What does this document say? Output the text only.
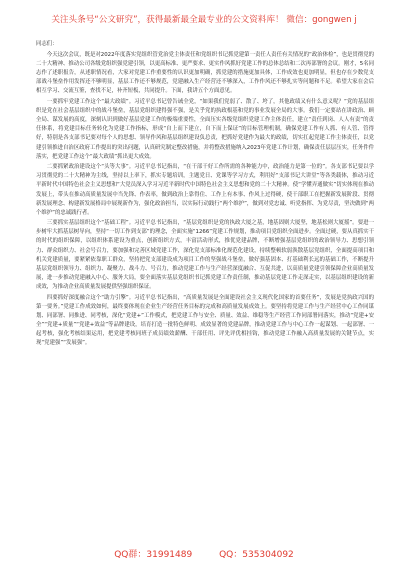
关注头条号“公文研究”，获得最新最全最专业的公文资料库！ 微信：gongwen j

同志们：

今天这次会议，既是对2022年度落实党组织管党治党主体责任和党组织书记抓党建第一责任人责任有关情况的“政治体检”，也是贯彻党的二十大精神、推动公司各级党组织强党建引领，以更高标准、更严要求、更实作风抓好党建工作的总体总结和二次再部署的会议。刚才，5名同志作了述职报告，从述职情况看，大家对党建工作重要性的认识更加明确，抓党建的措施更加具体，工作成效也更加明显，但也存在少数党支部战斗堡垒作用发挥还不够明显，基层工作还不够规范，党建融入生产经营还不够深入，工作作风还不够扎实等问题和不足。希望大家在会后相互学习、交流互鉴，查找不足，补齐短板，共同提升。下面，我讲五个方面意见。

一要抓牢党建工作这个“最大政绩”。习近平总书记曾告诫全党，“如果我们党弱了、散了、垮了，其他政绩又有什么意义呢？”党的基层组织是党在社会基层组织中的战斗堡垒，基层党组织建得强不强，是关乎党的执政根基和党的事业发展全局的大事。我们一定要站在讲政治、顾全局、谋发展的高度，深刻认识到做好基层党建工作的极端重要性，全面压实各级党组织党建工作主体责任，建立“责任到岗、人人有责”的责任体系，将党建目标任务转化为党建工作指标，形成“自上而下建立，自下而上保证”的目标管理机制，确保党建工作有人抓、有人管、管得好，特别是各支部书记要对每个人的思想、领导作风和基层组织建设负总责，把抓好党建作为最大的政绩，切实扛起党建工作主体责任，以党建引领推进自治区政府工作提出的突出问题，认真研究制定整改措施，并将整改措施纳入2023年党建工作计划，确保责任层层压实，任务件件落实，把党建工作这个“最大政绩”抓出更大成效。

二要抓紧政治建设这个“头等大事”。习近平总书记指出，“在干部干好工作所需的各种能力中，政治能力是第一位的”。各支部书记要以学习贯彻党的二十大精神为主线，坚持以上率下，抓实专题培训，主题党日、党课等学习方式，利用好“支部书记大讲堂”等各类载体，推动习近平新时代中国特色社会主义思想和“大党员深入学习习近平新时代中国特色社会主义思想和党的二十大精神。使“学懂弄通做实”切实体现在推动发展上，带头在推动高质量发展中当先锋、作表率，做到政治上靠得住、工作上有本事、作风上过得硬，使干部职工在把握新发展阶段、贯彻新发展理念、构建新发展格局中展现新作为，强化政治担当，以实际行动践行“两个维护”，做到对党忠诚、听党指挥、为党尽责，坚决做到“两个维护”的忠诚践行者。

三要抓实基层组织这个“基础工程”。习近平总书记指出，“基层党组织是党的执政大厦之基，地基固则大厦坚，地基松则大厦摇”。要进一步树牢大抓基层树导向，坚持“一切工作到支部”的理念，全面实施“1266”党建工作规划，推动项目党组织全面进步。全面过硬，要从真抓实干的时代的组织保障，以组织体系建设为重点，创新组织方式，丰富活动形式，推优党建品牌，不断增强基层党组织的政治领导力、思想引领力、群众组织力、社会号召力，要加强和完善区域党建工作，深化党支部标准化规范化建设，持续整顿软弱涣散基层党组织，全面提高项目和机关党建质量，要紧紧依靠职工群众，坚持把党支部建设成为项目工作的坚强战斗堡垒，做好强基固本、打基础利长远的基础工作，不断提升基层党组织领导力、组织力、凝聚力、战斗力、号召力，推动党建工作与生产经营深度融合、互促共进，以高质量党建引领保障企业高质量发展，进一步推动党建融入中心、服务大局，要全面落实基层党组织书记抓党建工作责任制，推动基层党建工作走深走实，以基层组织建设的新成效，为推动企业高质量发展提供坚强组织保证。

四要抓好深度融合这个“助力引擎”。习近平总书记指出，“高质量发展是全面建设社会主义现代化国家的首要任务”，发展是党执政兴国的第一要务。”党建工作成效如何，最终要体现在企业生产经营任务目标的完成和高质量发展成效上。要坚持将党建工作与生产经营中心工作同谋划、同部署、同推进、同考核，深化“党建+”工作模式，把党建工作与安全、质量、效益、维稳等生产经营工作同部署同落实，推动“党建+安全”“党建+质量”“党建+效益”等品牌建设，培育打造一批特色鲜明、成效显著的党建品牌，推动党建工作与中心工作一起谋划、一起部署、一起考核，强化考核结果运用，把党建考核同班子成员绩效薪酬、干部任用、评先评优相挂钩，推动党建工作融入高质量发展的关键节点，实现“党建强”“发展强”。

QQ群：31991489	QQ：535304092
